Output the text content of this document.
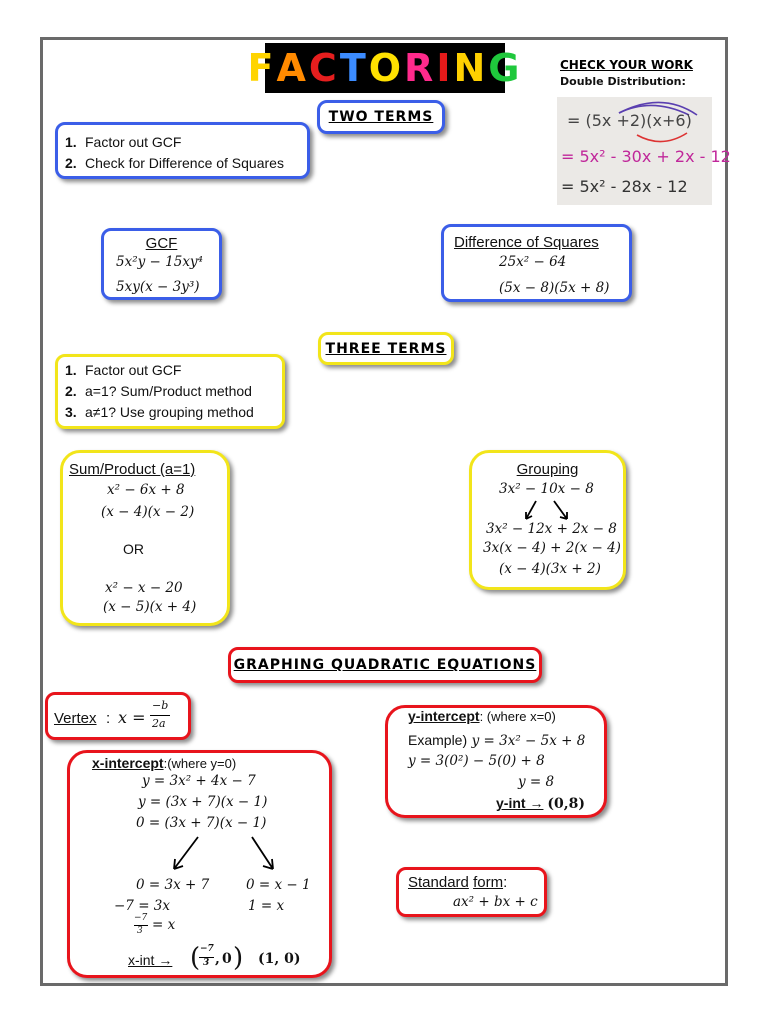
F A C T O R I N G	CHECK YOUR WORK
Double Distribution:
= (5x +2)(x+6)
= 5x² - 30x + 2x - 12
= 5x² - 28x - 12
TWO TERMS
1. Factor out GCF
2. Check for Difference of Squares
GCF
5x²y − 15xy⁴
5xy(x − 3y³)
Difference of Squares
25x² − 64
(5x − 8)(5x + 8)
THREE TERMS
1. Factor out GCF
2. a=1? Sum/Product method
3. a≠1? Use grouping method
Sum/Product (a=1)
x² − 6x + 8
(x − 4)(x − 2)
OR
x² − x − 20
(x − 5)(x + 4)
Grouping
3x² − 10x − 8
3x² − 12x + 2x − 8
3x(x − 4) + 2(x − 4)
(x − 4)(3x + 2)
GRAPHING QUADRATIC EQUATIONS
Vertex : x =
−b
2a	y-intercept: (where x=0)
Example) y = 3x² − 5x + 8
y = 3(0²) − 5(0) + 8
y = 8
y-int → (0,8)
x-intercept:(where y=0)
y = 3x² + 4x − 7
y = (3x + 7)(x − 1)
0 = (3x + 7)(x − 1)
0 = 3x + 7
−7 = 3x
−7
3 = x
0 = x − 1
1 = x
x-int → ( −7
3 , 0 ) (1, 0)
Standard form:
ax² + bx + c
